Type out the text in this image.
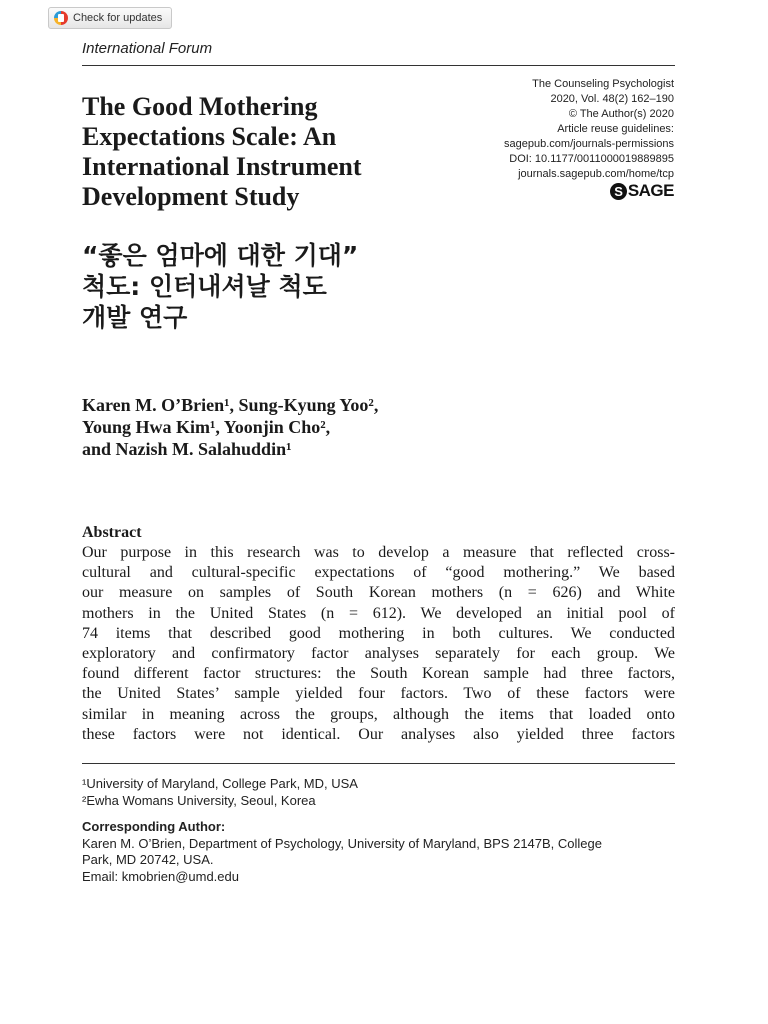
Check for updates
International Forum
The Good Mothering
Expectations Scale: An
International Instrument
Development Study
“좋은 엄마에 대한 기대”
척도: 인터내셔날 척도
개발 연구
The Counseling Psychologist
2020, Vol. 48(2) 162–190
© The Author(s) 2020
Article reuse guidelines:
sagepub.com/journals-permissions
DOI: 10.1177/0011000019889895
journals.sagepub.com/home/tcp
S SAGE
Karen M. O’Brien¹, Sung-Kyung Yoo²,
Young Hwa Kim¹, Yoonjin Cho²,
and Nazish M. Salahuddin¹
Abstract
Our purpose in this research was to develop a measure that reflected cross-
cultural and cultural-specific expectations of “good mothering.” We based
our measure on samples of South Korean mothers (n = 626) and White
mothers in the United States (n = 612). We developed an initial pool of
74 items that described good mothering in both cultures. We conducted
exploratory and confirmatory factor analyses separately for each group. We
found different factor structures: the South Korean sample had three factors,
the United States’ sample yielded four factors. Two of these factors were
similar in meaning across the groups, although the items that loaded onto
these factors were not identical. Our analyses also yielded three factors
¹University of Maryland, College Park, MD, USA
²Ewha Womans University, Seoul, Korea
Corresponding Author:
Karen M. O’Brien, Department of Psychology, University of Maryland, BPS 2147B, College
Park, MD 20742, USA.
Email: kmobrien@umd.edu
